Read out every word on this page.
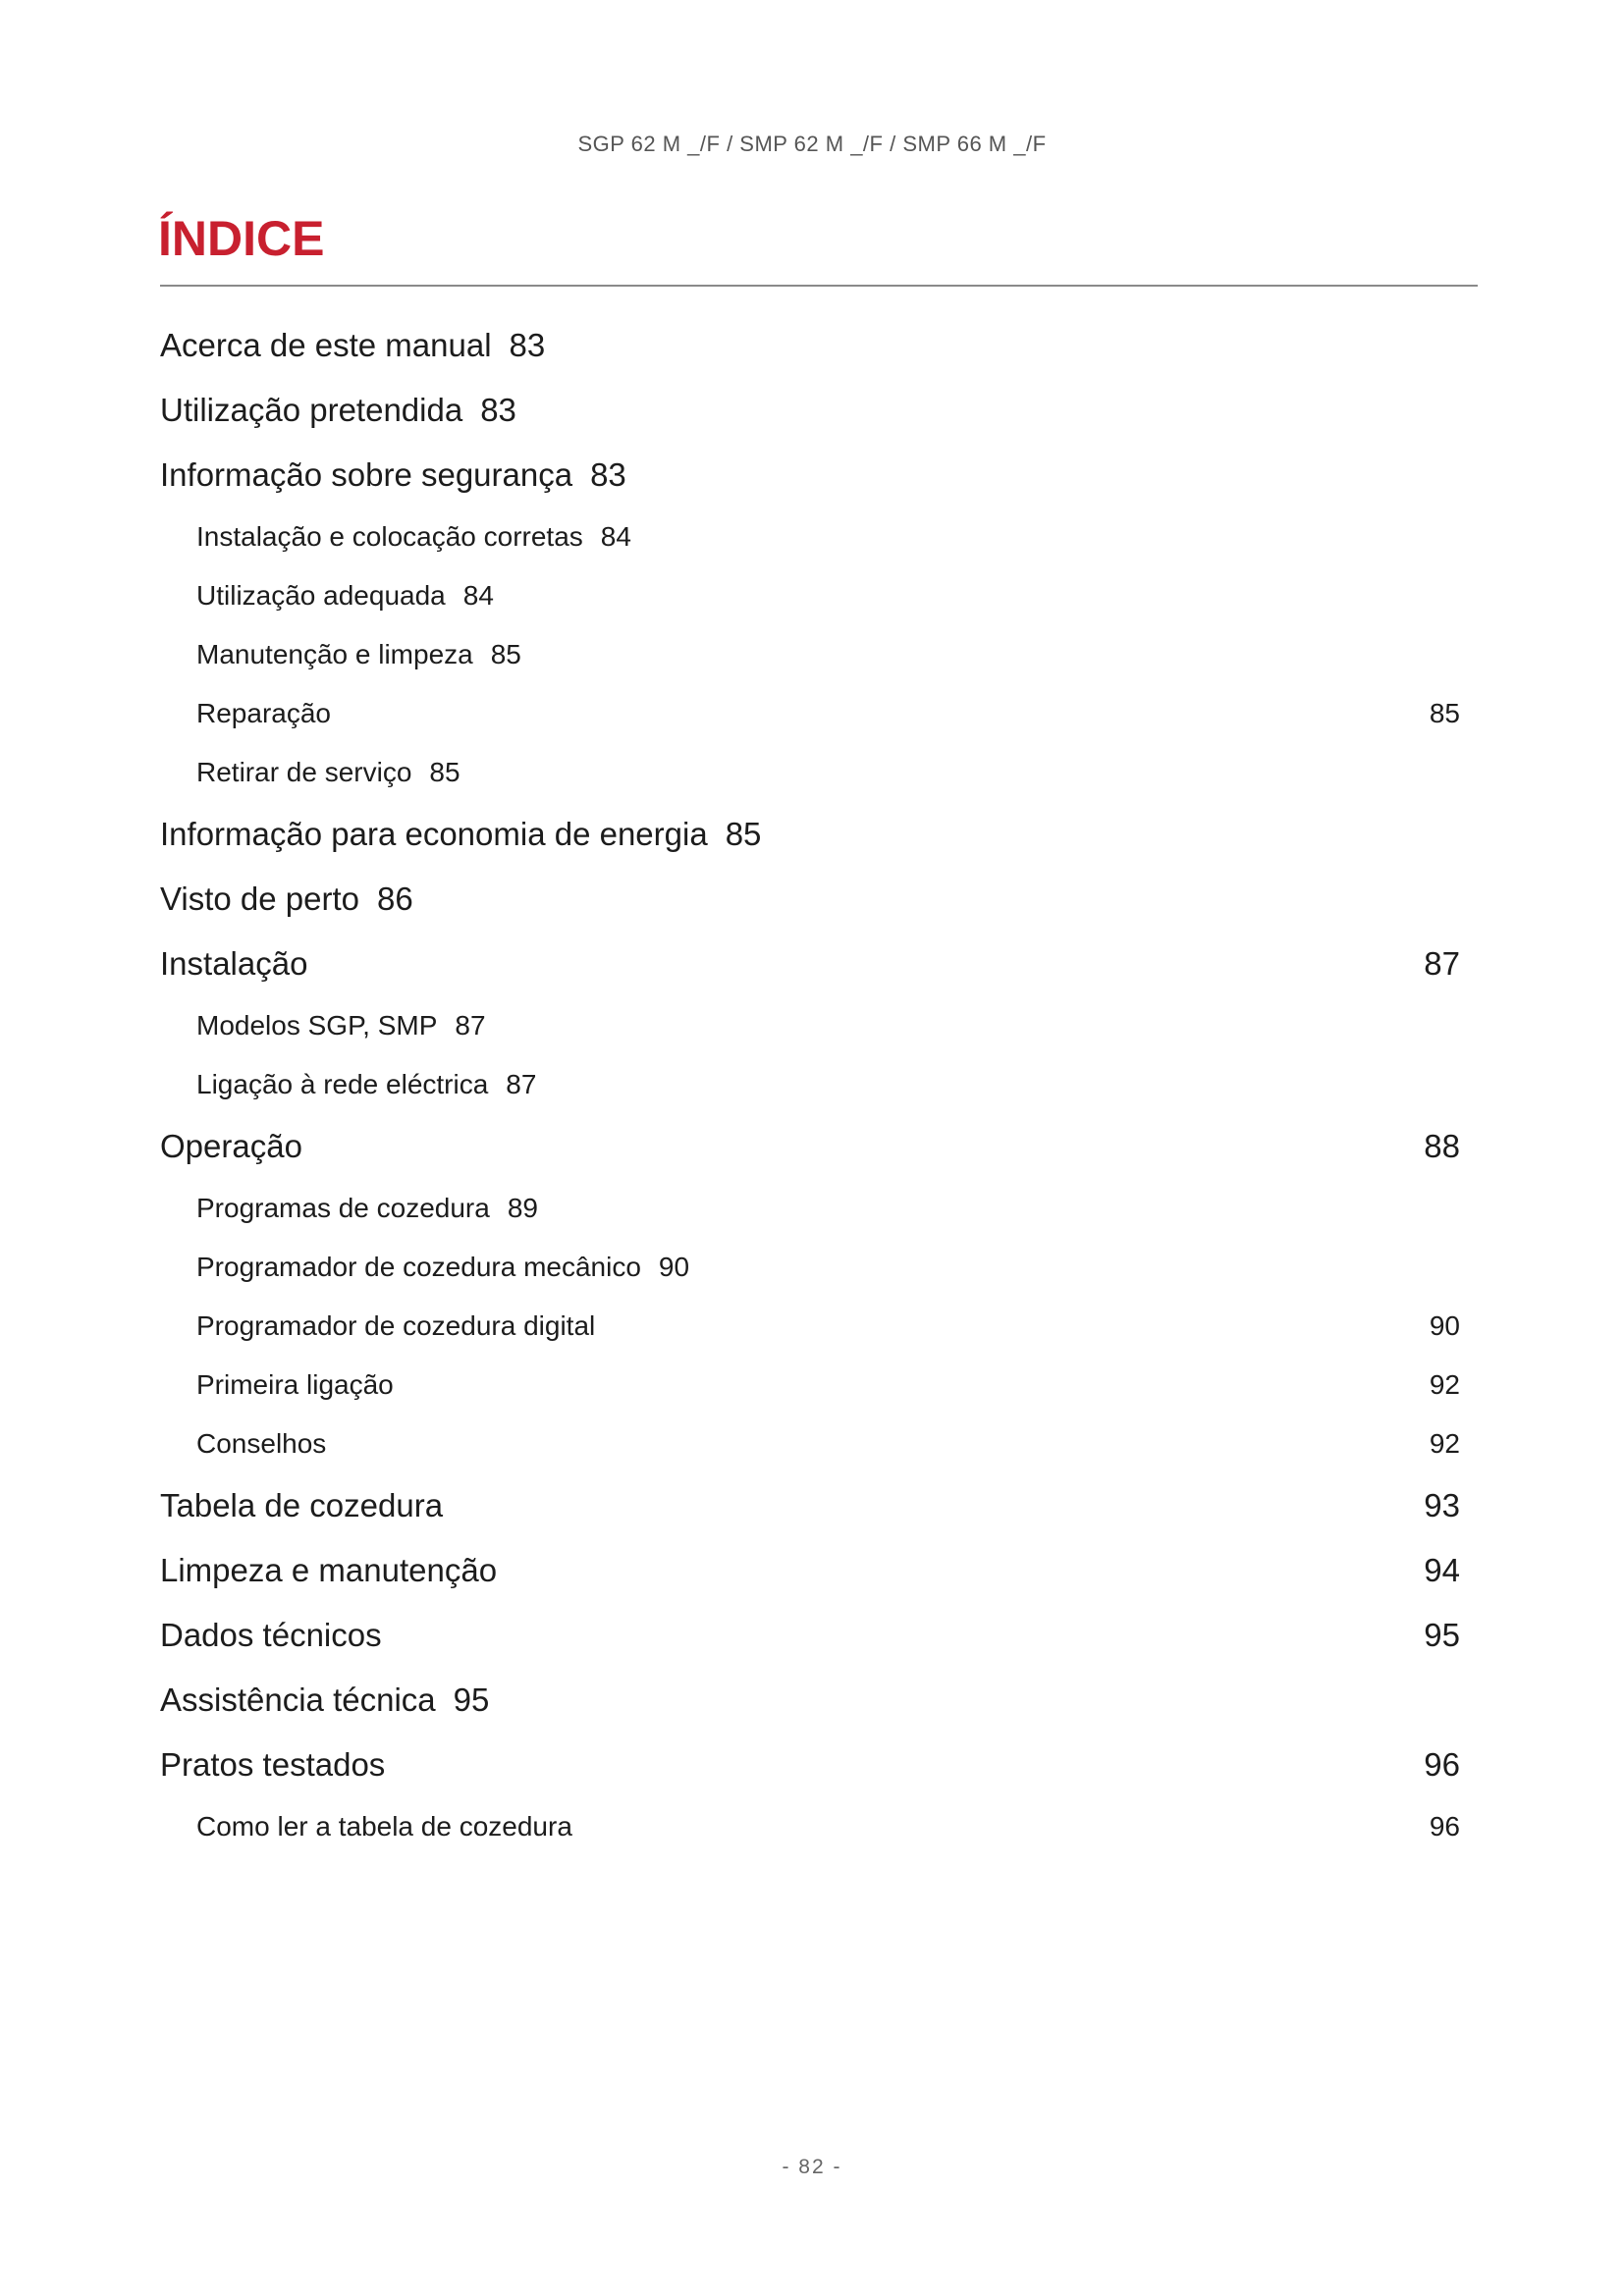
SGP 62 M _/F / SMP 62 M _/F / SMP 66 M _/F
ÍNDICE
Acerca de este manual 83
Utilização pretendida 83
Informação sobre segurança 83
Instalação e colocação corretas 84
Utilização adequada 84
Manutenção e limpeza 85
Reparação	85
Retirar de serviço 85
Informação para economia de energia 85
Visto de perto 86
Instalação	87
Modelos SGP, SMP 87
Ligação à rede eléctrica 87
Operação	88
Programas de cozedura 89
Programador de cozedura mecânico 90
Programador de cozedura digital	90
Primeira ligação	92
Conselhos	92
Tabela de cozedura	93
Limpeza e manutenção	94
Dados técnicos	95
Assistência técnica 95
Pratos testados	96
Como ler a tabela de cozedura	96
- 82 -
